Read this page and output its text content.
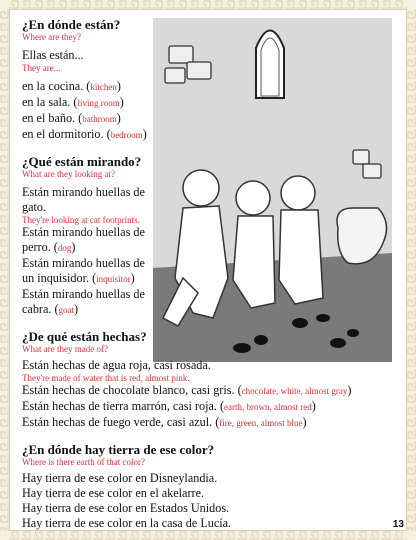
¿En dónde están?

Where are they?

Ellas están...

They are...

en la cocina. (kitchen)

en la sala. (living room)

en el baño. (bathroom)

en el dormitorio. (bedroom)

¿Qué están mirando?

What are they looking at?

Están mirando huellas de

gato.

They're looking at cat footprints.

Están mirando huellas de

perro. (dog)

Están mirando huellas de

un inquisidor. (inquisitor)

Están mirando huellas de

cabra. (goat)

¿De qué están hechas?

What are they made of?

Están hechas de agua roja, casi rosada.

They're made of water that is red, almost pink.

Están hechas de chocolate blanco, casi gris. (chocolate, white, almost gray)

Están hechas de tierra marrón, casi roja. (earth, brown, almost red)

Están hechas de fuego verde, casi azul. (fire, green, almost blue)

¿En dónde hay tierra de ese color?

Where is there earth of that color?

Hay tierra de ese color en Disneylandia.

Hay tierra de ese color en el akelarre.

Hay tierra de ese color en Estados Unidos.

Hay tierra de ese color en la casa de Lucía.	13
